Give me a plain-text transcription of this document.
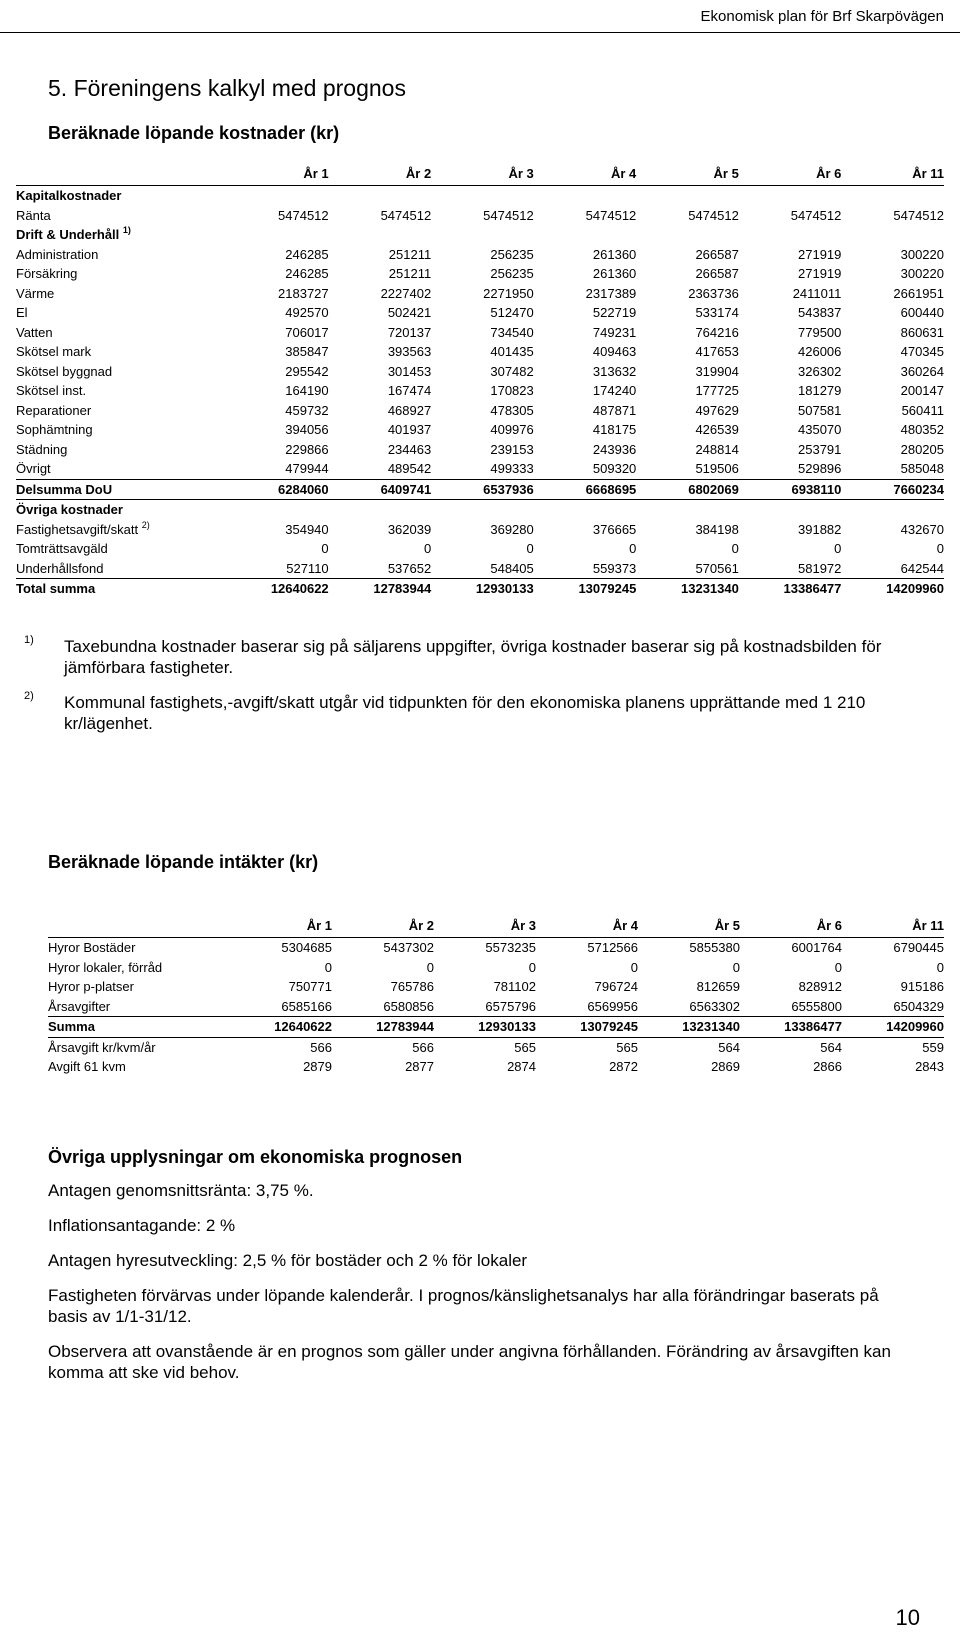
Ekonomisk plan för Brf Skarpövägen
5. Föreningens kalkyl med prognos
Beräknade löpande kostnader (kr)
	År 1	År 2	År 3	År 4	År 5	År 6	År 11
Kapitalkostnader							
Ränta	5474512	5474512	5474512	5474512	5474512	5474512	5474512
Drift & Underhåll $^{1)}$							
Administration	246285	251211	256235	261360	266587	271919	300220
Försäkring	246285	251211	256235	261360	266587	271919	300220
Värme	2183727	2227402	2271950	2317389	2363736	2411011	2661951
El	492570	502421	512470	522719	533174	543837	600440
Vatten	706017	720137	734540	749231	764216	779500	860631
Skötsel mark	385847	393563	401435	409463	417653	426006	470345
Skötsel byggnad	295542	301453	307482	313632	319904	326302	360264
Skötsel inst.	164190	167474	170823	174240	177725	181279	200147
Reparationer	459732	468927	478305	487871	497629	507581	560411
Sophämtning	394056	401937	409976	418175	426539	435070	480352
Städning	229866	234463	239153	243936	248814	253791	280205
Övrigt	479944	489542	499333	509320	519506	529896	585048
Delsumma DoU	6284060	6409741	6537936	6668695	6802069	6938110	7660234
Övriga kostnader							
Fastighetsavgift/skatt $^{2)}$	354940	362039	369280	376665	384198	391882	432670
Tomträttsavgäld	0	0	0	0	0	0	0
Underhållsfond	527110	537652	548405	559373	570561	581972	642544
Total summa	12640622	12783944	12930133	13079245	13231340	13386477	14209960
1) Taxebundna kostnader baserar sig på säljarens uppgifter, övriga kostnader baserar sig på kostnadsbilden för jämförbara fastigheter.
2) Kommunal fastighets,-avgift/skatt utgår vid tidpunkten för den ekonomiska planens upprättande med 1 210 kr/lägenhet.
Beräknade löpande intäkter (kr)
	År 1	År 2	År 3	År 4	År 5	År 6	År 11
Hyror Bostäder	5304685	5437302	5573235	5712566	5855380	6001764	6790445
Hyror lokaler, förråd	0	0	0	0	0	0	0
Hyror p-platser	750771	765786	781102	796724	812659	828912	915186
Årsavgifter	6585166	6580856	6575796	6569956	6563302	6555800	6504329
Summa	12640622	12783944	12930133	13079245	13231340	13386477	14209960
Årsavgift kr/kvm/år	566	566	565	565	564	564	559
Avgift 61 kvm	2879	2877	2874	2872	2869	2866	2843
Övriga upplysningar om ekonomiska prognosen

Antagen genomsnittsränta: 3,75 %.

Inflationsantagande: 2 %

Antagen hyresutveckling: 2,5 % för bostäder och 2 % för lokaler

Fastigheten förvärvas under löpande kalenderår. I prognos/känslighetsanalys har alla förändringar baserats på basis av 1/1-31/12.

Observera att ovanstående är en prognos som gäller under angivna förhållanden. Förändring av årsavgiften kan komma att ske vid behov.

10
